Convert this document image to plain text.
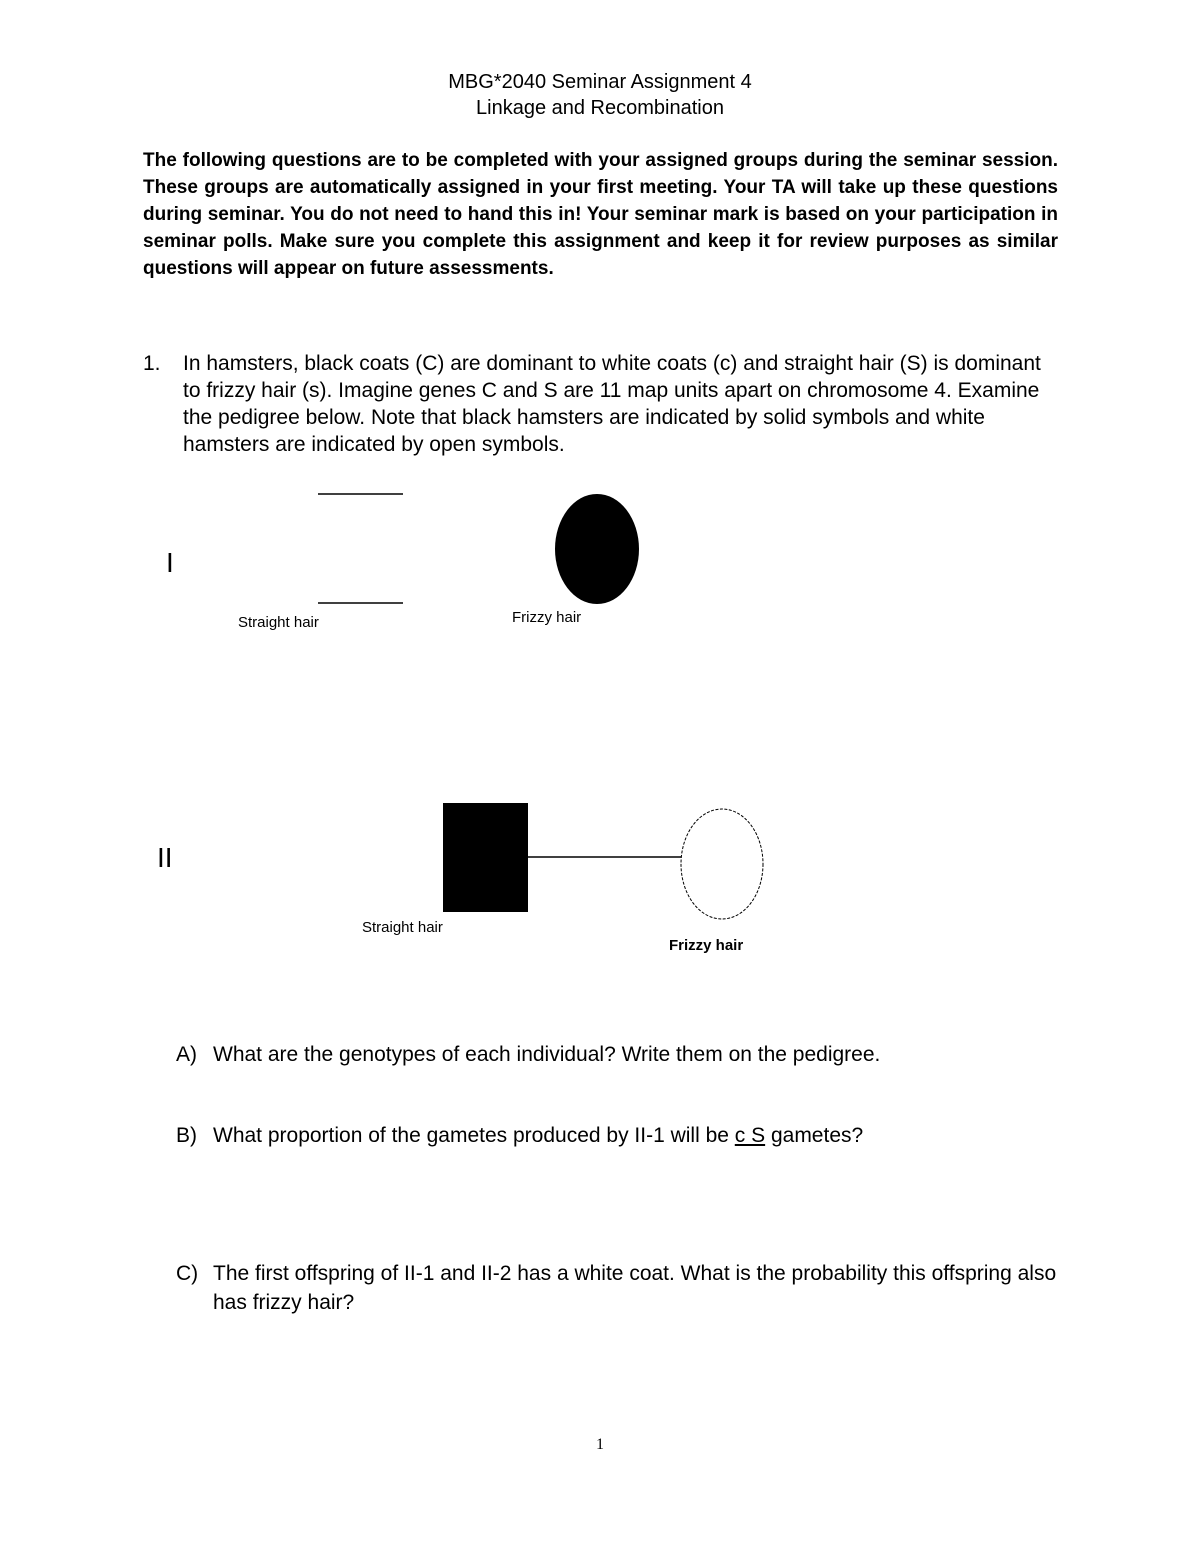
MBG*2040 Seminar Assignment 4
Linkage and Recombination
The following questions are to be completed with your assigned groups during the seminar session. These groups are automatically assigned in your first meeting. Your TA will take up these questions during seminar. You do not need to hand this in! Your seminar mark is based on your participation in seminar polls. Make sure you complete this assignment and keep it for review purposes as similar questions will appear on future assessments.
1. In hamsters, black coats (C) are dominant to white coats (c) and straight hair (S) is dominant to frizzy hair (s). Imagine genes C and S are 11 map units apart on chromosome 4. Examine the pedigree below. Note that black hamsters are indicated by solid symbols and white hamsters are indicated by open symbols.
I
II
Straight hair	Frizzy hair
Straight hair
Frizzy hair
A) What are the genotypes of each individual? Write them on the pedigree.
B) What proportion of the gametes produced by II-1 will be c S gametes?
C) The first offspring of II-1 and II-2 has a white coat. What is the probability this offspring also has frizzy hair?
1
